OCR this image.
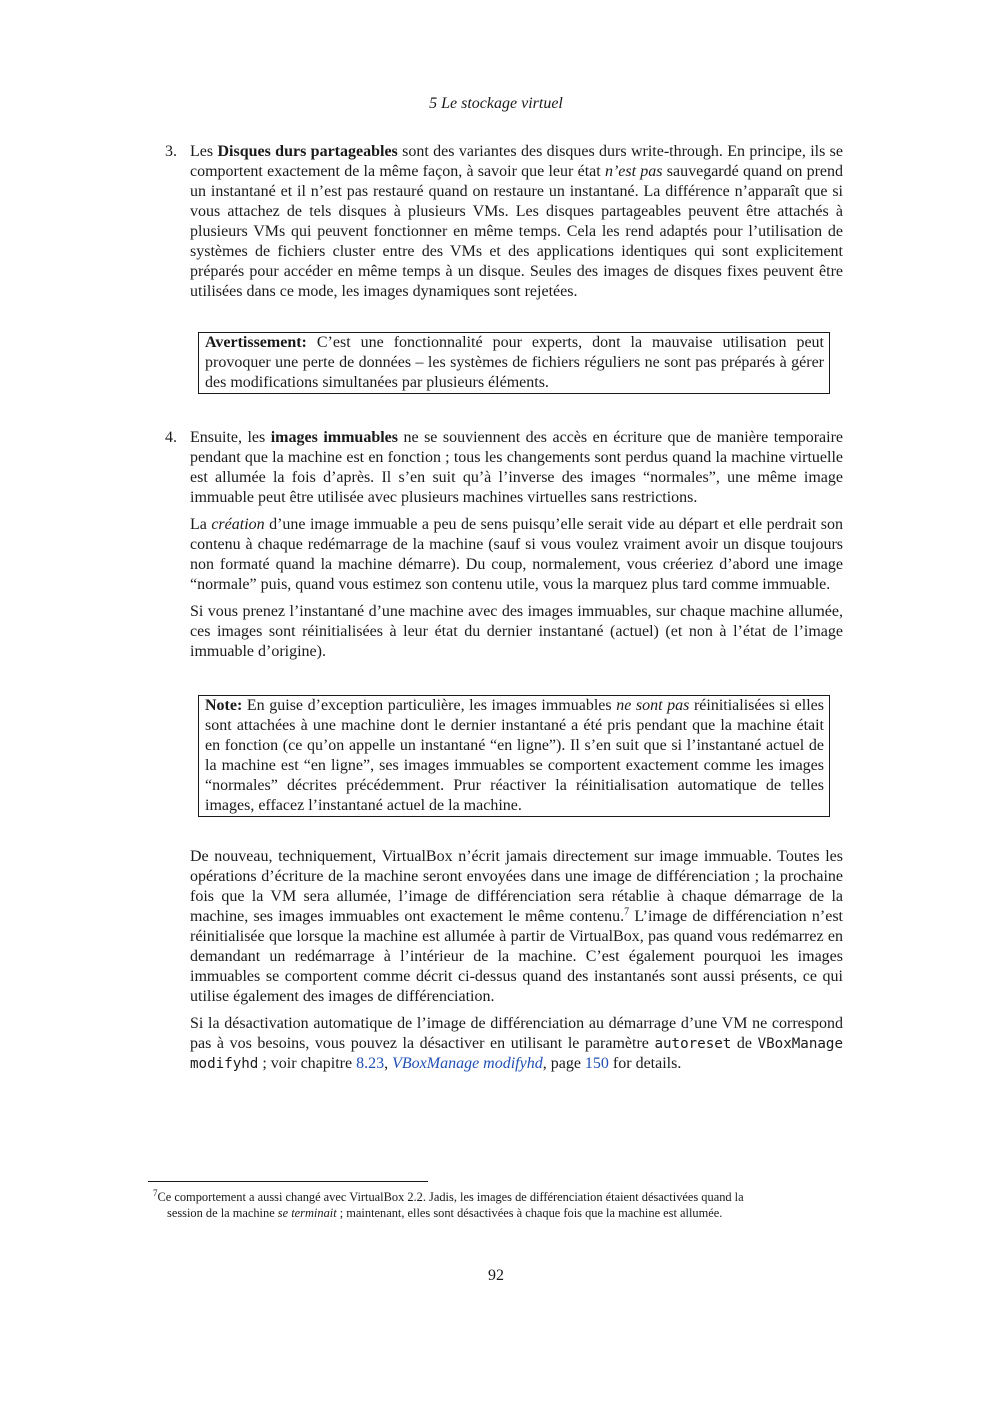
5 Le stockage virtuel
3. Les Disques durs partageables sont des variantes des disques durs write-through. En principe, ils se comportent exactement de la même façon, à savoir que leur état n’est pas sauvegardé quand on prend un instantané et il n’est pas restauré quand on restaure un instantané. La différence n’apparaît que si vous attachez de tels disques à plusieurs VMs. Les disques partageables peuvent être attachés à plusieurs VMs qui peuvent fonctionner en même temps. Cela les rend adaptés pour l’utilisation de systèmes de fichiers cluster entre des VMs et des applications identiques qui sont explicitement préparés pour accéder en même temps à un disque. Seules des images de disques fixes peuvent être utilisées dans ce mode, les images dynamiques sont rejetées.

Avertissement: C’est une fonctionnalité pour experts, dont la mauvaise utilisation peut provoquer une perte de données – les systèmes de fichiers réguliers ne sont pas préparés à gérer des modifications simultanées par plusieurs éléments.

4. Ensuite, les images immuables ne se souviennent des accès en écriture que de manière temporaire pendant que la machine est en fonction ; tous les changements sont perdus quand la machine virtuelle est allumée la fois d’après. Il s’en suit qu’à l’inverse des images “normales”, une même image immuable peut être utilisée avec plusieurs machines virtuelles sans restrictions.

La création d’une image immuable a peu de sens puisqu’elle serait vide au départ et elle perdrait son contenu à chaque redémarrage de la machine (sauf si vous voulez vraiment avoir un disque toujours non formaté quand la machine démarre). Du coup, normalement, vous créeriez d’abord une image “normale” puis, quand vous estimez son contenu utile, vous la marquez plus tard comme immuable.

Si vous prenez l’instantané d’une machine avec des images immuables, sur chaque machine allumée, ces images sont réinitialisées à leur état du dernier instantané (actuel) (et non à l’état de l’image immuable d’origine).

Note: En guise d’exception particulière, les images immuables ne sont pas réinitialisées si elles sont attachées à une machine dont le dernier instantané a été pris pendant que la machine était en fonction (ce qu’on appelle un instantané “en ligne”). Il s’en suit que si l’instantané actuel de la machine est “en ligne”, ses images immuables se comportent exactement comme les images “normales” décrites précédemment. Prur réactiver la réinitialisation automatique de telles images, effacez l’instantané actuel de la machine.

De nouveau, techniquement, VirtualBox n’écrit jamais directement sur image immuable. Toutes les opérations d’écriture de la machine seront envoyées dans une image de différenciation ; la prochaine fois que la VM sera allumée, l’image de différenciation sera rétablie à chaque démarrage de la machine, ses images immuables ont exactement le même contenu.$^7$ L’image de différenciation n’est réinitialisée que lorsque la machine est allumée à partir de VirtualBox, pas quand vous redémarrez en demandant un redémarrage à l’intérieur de la machine. C’est également pourquoi les images immuables se comportent comme décrit ci-dessus quand des instantanés sont aussi présents, ce qui utilise également des images de différenciation.

Si la désactivation automatique de l’image de différenciation au démarrage d’une VM ne correspond pas à vos besoins, vous pouvez la désactiver en utilisant le paramètre autoreset de VBoxManage modifyhd ; voir chapitre 8.23, VBoxManage modifyhd, page 150 for details.

$^7$Ce comportement a aussi changé avec VirtualBox 2.2. Jadis, les images de différenciation étaient désactivées quand la
session de la machine se terminait ; maintenant, elles sont désactivées à chaque fois que la machine est allumée.
92
